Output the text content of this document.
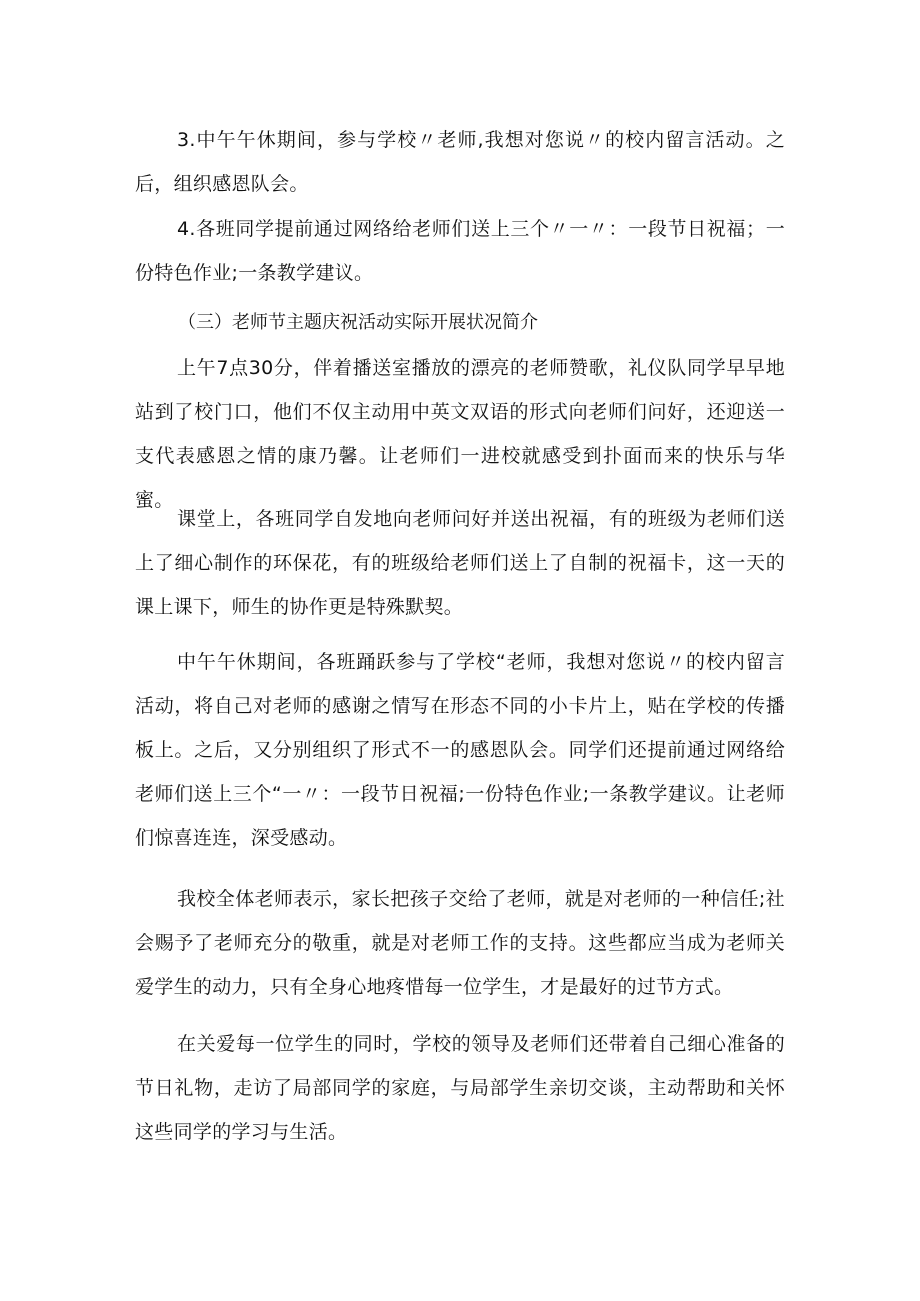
3.中午午休期间，参与学校〃老师,我想对您说〃的校内留言活动。之后，组织感恩队会。

4.各班同学提前通过网络给老师们送上三个〃一〃：一段节日祝福；一份特色作业;一条教学建议。

（三）老师节主题庆祝活动实际开展状况简介

上午7点30分，伴着播送室播放的漂亮的老师赞歌，礼仪队同学早早地站到了校门口，他们不仅主动用中英文双语的形式向老师们问好，还迎送一支代表感恩之情的康乃馨。让老师们一进校就感受到扑面而来的快乐与华蜜。

课堂上，各班同学自发地向老师问好并送出祝福，有的班级为老师们送上了细心制作的环保花，有的班级给老师们送上了自制的祝福卡，这一天的课上课下，师生的协作更是特殊默契。

中午午休期间，各班踊跃参与了学校“老师，我想对您说〃的校内留言活动，将自己对老师的感谢之情写在形态不同的小卡片上，贴在学校的传播板上。之后，又分别组织了形式不一的感恩队会。同学们还提前通过网络给老师们送上三个“一〃：一段节日祝福;一份特色作业;一条教学建议。让老师们惊喜连连，深受感动。

我校全体老师表示，家长把孩子交给了老师，就是对老师的一种信任;社会赐予了老师充分的敬重，就是对老师工作的支持。这些都应当成为老师关爱学生的动力，只有全身心地疼惜每一位学生，才是最好的过节方式。

在关爱每一位学生的同时，学校的领导及老师们还带着自己细心准备的节日礼物，走访了局部同学的家庭，与局部学生亲切交谈，主动帮助和关怀这些同学的学习与生活。
